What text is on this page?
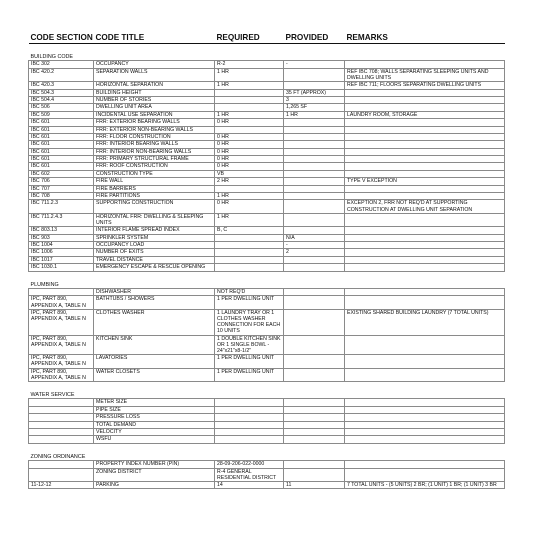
CODE SECTION	CODE TITLE	REQUIRED	PROVIDED	REMARKS
BUILDING CODE				
IBC 302	OCCUPANCY	R-2	-	
IBC 420.2	SEPARATION WALLS	1 HR		REF IBC 708; WALLS SEPARATING SLEEPING UNITS AND DWELLING UNITS
IBC 420.3	HORIZONTAL SEPARATION	1 HR		REF IBC 711; FLOORS SEPARATING DWELLING UNITS
IBC 504.3	BUILDING HEIGHT		35 FT (APPROX)	
IBC 504.4	NUMBER OF STORIES		3	
IBC 506	DWELLING UNIT AREA		1,265 SF	
IBC 509	INCIDENTAL USE SEPARATION	1 HR	1 HR	LAUNDRY ROOM, STORAGE
IBC 601	FRR: EXTERIOR BEARING WALLS	0 HR		
IBC 601	FRR: EXTERIOR NON-BEARING WALLS			
IBC 601	FRR: FLOOR CONSTRUCTION	0 HR		
IBC 601	FRR: INTERIOR BEARING WALLS	0 HR		
IBC 601	FRR: INTERIOR NON-BEARING WALLS	0 HR		
IBC 601	FRR: PRIMARY STRUCTURAL FRAME	0 HR		
IBC 601	FRR: ROOF CONSTRUCTION	0 HR		
IBC 602	CONSTRUCTION TYPE	VB		
IBC 706	FIRE WALL	2 HR		TYPE V EXCEPTION
IBC 707	FIRE BARRIERS			
IBC 708	FIRE PARTITIONS	1 HR		
IBC 711.2.3	SUPPORTING CONSTRUCTION	0 HR		EXCEPTION 2, FRR NOT REQ'D AT SUPPORTING CONSTRUCTION AT DWELLING UNIT SEPARATION
IBC 711.2.4.3	HORIZONTAL FRR: DWELLING & SLEEPING UNITS	1 HR		
IBC 803.13	INTERIOR FLAME SPREAD INDEX	B, C		
IBC 903	SPRINKLER SYSTEM		N/A	
IBC 1004	OCCUPANCY LOAD		-	
IBC 1006	NUMBER OF EXITS		2	
IBC 1017	TRAVEL DISTANCE			
IBC 1030.1	EMERGENCY ESCAPE & RESCUE OPENING			
PLUMBING				
	DISHWASHER	NOT REQ'D		
IPC, PART 890, APPENDIX A, TABLE N	BATHTUBS / SHOWERS	1 PER DWELLING UNIT		
IPC, PART 890, APPENDIX A, TABLE N	CLOTHES WASHER	1 LAUNDRY TRAY OR 1 CLOTHES WASHER CONNECTION FOR EACH 10 UNITS		EXISTING SHARED BUILDING LAUNDRY (7 TOTAL UNITS)
IPC, PART 890, APPENDIX A, TABLE N	KITCHEN SINK	1 DOUBLE KITCHEN SINK OR 1 SINGLE BOWL - 24"x21"x8-1/2"		
IPC, PART 890, APPENDIX A, TABLE N	LAVATORIES	1 PER DWELLING UNIT		
IPC, PART 890, APPENDIX A, TABLE N	WATER CLOSETS	1 PER DWELLING UNIT		
WATER SERVICE				
	METER SIZE			
	PIPE SIZE			
	PRESSURE LOSS			
	TOTAL DEMAND			
	VELOCITY			
	WSFU			
ZONING ORDINANCE				
	PROPERTY INDEX NUMBER (PIN)	28-09-206-022-0000		
	ZONING DISTRICT	R-4 GENERAL RESIDENTIAL DISTRICT		
11-12-12	PARKING	14	11	7 TOTAL UNITS - (5 UNITS) 2 BR; (1 UNIT) 1 BR; (1 UNIT) 3 BR
